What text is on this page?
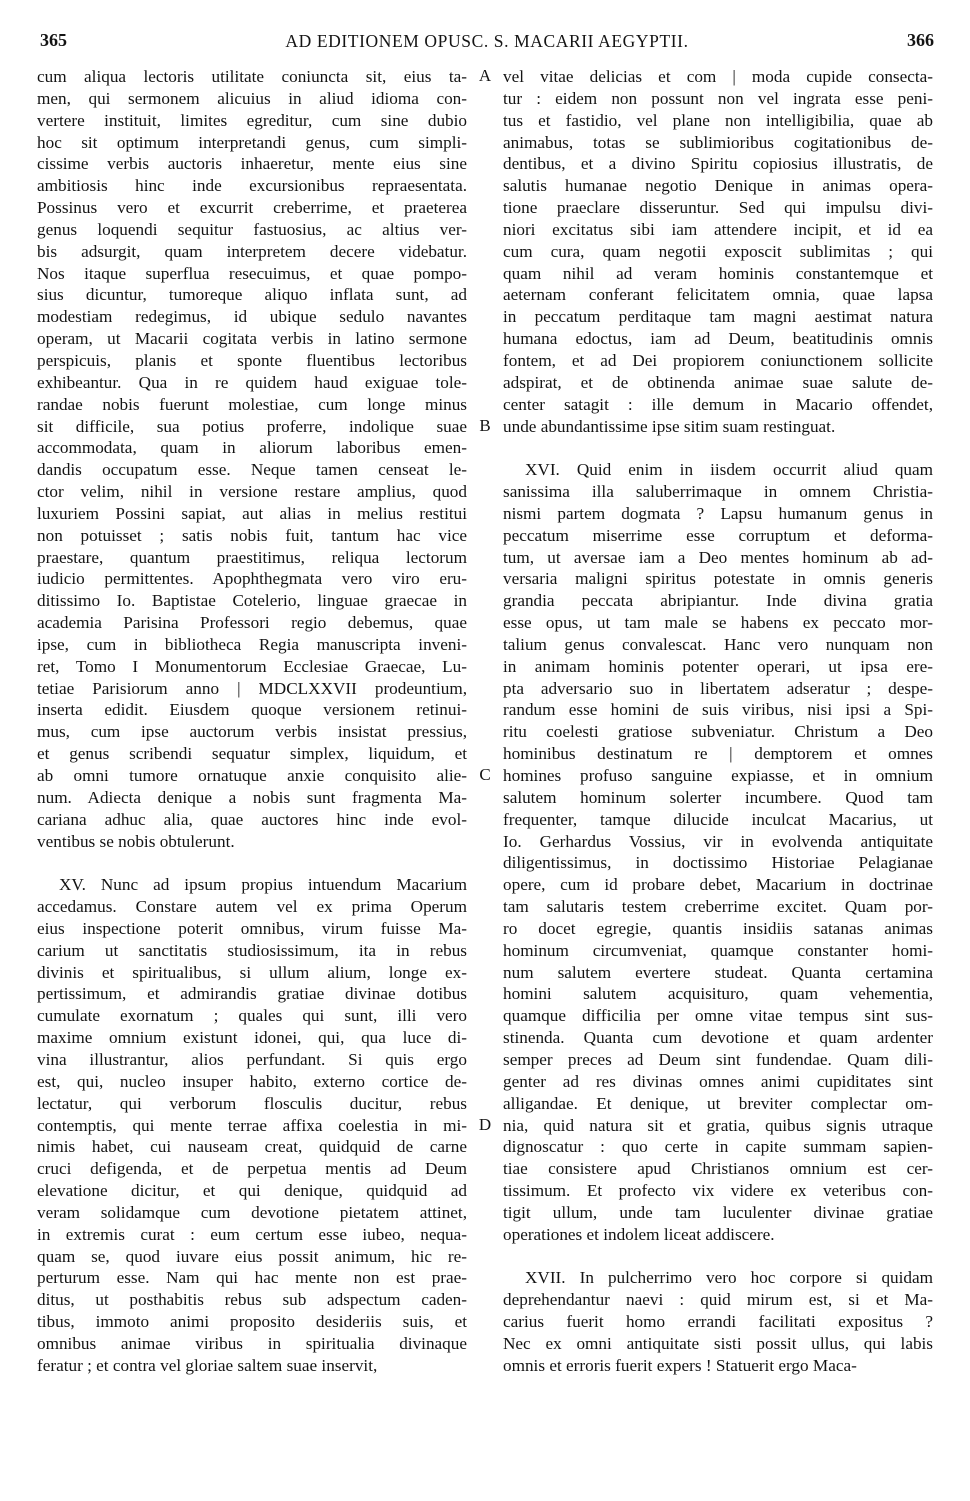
365	AD EDITIONEM OPUSC. S. MACARII AEGYPTII.	366
cum aliqua lectoris utilitate coniuncta sit, eius ta-
men, qui sermonem alicuius in aliud idioma con-
vertere instituit, limites egreditur, cum sine dubio
hoc sit optimum interpretandi genus, cum simpli-
cissime verbis auctoris inhaeretur, mente eius sine
ambitiosis hinc inde excursionibus repraesentata.
Possinus vero et excurrit creberrime, et praeterea
genus loquendi sequitur fastuosius, ac altius ver-
bis adsurgit, quam interpretem decere videbatur.
Nos itaque superflua resecuimus, et quae pompo-
sius dicuntur, tumoreque aliquo inflata sunt, ad
modestiam redegimus, id ubique sedulo navantes
operam, ut Macarii cogitata verbis in latino sermone
perspicuis, planis et sponte fluentibus lectoribus
exhibeantur. Qua in re quidem haud exiguae tole-
randae nobis fuerunt molestiae, cum longe minus
sit difficile, sua potius proferre, indolique suae
accommodata, quam in aliorum laboribus emen-
dandis occupatum esse. Neque tamen censeat le-
ctor velim, nihil in versione restare amplius, quod
luxuriem Possini sapiat, aut alias in melius restitui
non potuisset ; satis nobis fuit, tantum hac vice
praestare, quantum praestitimus, reliqua lectorum
iudicio permittentes. Apophthegmata vero viro eru-
ditissimo Io. Baptistae Cotelerio, linguae graecae in
academia Parisina Professori regio debemus, quae
ipse, cum in bibliotheca Regia manuscripta inveni-
ret, Tomo I Monumentorum Ecclesiae Graecae, Lu-
tetiae Parisiorum anno | MDCLXXVII prodeuntium,
inserta edidit. Eiusdem quoque versionem retinui-
mus, cum ipse auctorum verbis insistat pressius,
et genus scribendi sequatur simplex, liquidum, et
ab omni tumore ornatuque anxie conquisito alie-
num. Adiecta denique a nobis sunt fragmenta Ma-
cariana adhuc alia, quae auctores hinc inde evol-
ventibus se nobis obtulerunt.
XV. Nunc ad ipsum propius intuendum Macarium
accedamus. Constare autem vel ex prima Operum
eius inspectione poterit omnibus, virum fuisse Ma-
carium ut sanctitatis studiosissimum, ita in rebus
divinis et spiritualibus, si ullum alium, longe ex-
pertissimum, et admirandis gratiae divinae dotibus
cumulate exornatum ; quales qui sunt, illi vero
maxime omnium existunt idonei, qui, qua luce di-
vina illustrantur, alios perfundant. Si quis ergo
est, qui, nucleo insuper habito, externo cortice de-
lectatur, qui verborum flosculis ducitur, rebus
contemptis, qui mente terrae affixa coelestia in mi-
nimis habet, cui nauseam creat, quidquid de carne
cruci defigenda, et de perpetua mentis ad Deum
elevatione dicitur, et qui denique, quidquid ad
veram solidamque cum devotione pietatem attinet,
in extremis curat : eum certum esse iubeo, nequa-
quam se, quod iuvare eius possit animum, hic re-
perturum esse. Nam qui hac mente non est prae-
ditus, ut posthabitis rebus sub adspectum caden-
tibus, immoto animi proposito desideriis suis, et
omnibus animae viribus in spiritualia divinaque
feratur ; et contra vel gloriae saltem suae inservit,
A
B
C
D
vel vitae delicias et com | moda cupide consecta-
tur : eidem non possunt non vel ingrata esse peni-
tus et fastidio, vel plane non intelligibilia, quae ab
animabus, totas se sublimioribus cogitationibus de-
dentibus, et a divino Spiritu copiosius illustratis, de
salutis humanae negotio Denique in animas opera-
tione praeclare disseruntur. Sed qui impulsu divi-
niori excitatus sibi iam attendere incipit, et id ea
cum cura, quam negotii exposcit sublimitas ; qui
quam nihil ad veram hominis constantemque et
aeternam conferant felicitatem omnia, quae lapsa
in peccatum perditaque tam magni aestimat natura
humana edoctus, iam ad Deum, beatitudinis omnis
fontem, et ad Dei propiorem coniunctionem sollicite
adspirat, et de obtinenda animae suae salute de-
center satagit : ille demum in Macario offendet,
unde abundantissime ipse sitim suam restinguat.
XVI. Quid enim in iisdem occurrit aliud quam
sanissima illa saluberrimaque in omnem Christia-
nismi partem dogmata ? Lapsu humanum genus in
peccatum miserrime esse corruptum et deforma-
tum, ut aversae iam a Deo mentes hominum ab ad-
versaria maligni spiritus potestate in omnis generis
grandia peccata abripiantur. Inde divina gratia
esse opus, ut tam male se habens ex peccato mor-
talium genus convalescat. Hanc vero nunquam non
in animam hominis potenter operari, ut ipsa ere-
pta adversario suo in libertatem adseratur ; despe-
randum esse homini de suis viribus, nisi ipsi a Spi-
ritu coelesti gratiose subveniatur. Christum a Deo
hominibus destinatum re | demptorem et omnes
homines profuso sanguine expiasse, et in omnium
salutem hominum solerter incumbere. Quod tam
frequenter, tamque dilucide inculcat Macarius, ut
Io. Gerhardus Vossius, vir in evolvenda antiquitate
diligentissimus, in doctissimo Historiae Pelagianae
opere, cum id probare debet, Macarium in doctrinae
tam salutaris testem creberrime excitet. Quam por-
ro docet egregie, quantis insidiis satanas animas
hominum circumveniat, quamque constanter homi-
num salutem evertere studeat. Quanta certamina
homini salutem acquisituro, quam vehementia,
quamque difficilia per omne vitae tempus sint sus-
stinenda. Quanta cum devotione et quam ardenter
semper preces ad Deum sint fundendae. Quam dili-
genter ad res divinas omnes animi cupiditates sint
alligandae. Et denique, ut breviter complectar om-
nia, quid natura sit et gratia, quibus signis utraque
dignoscatur : quo certe in capite summam sapien-
tiae consistere apud Christianos omnium est cer-
tissimum. Et profecto vix videre ex veteribus con-
tigit ullum, unde tam luculenter divinae gratiae
operationes et indolem liceat addiscere.
XVII. In pulcherrimo vero hoc corpore si quidam
deprehendantur naevi : quid mirum est, si et Ma-
carius fuerit homo errandi facilitati expositus ?
Nec ex omni antiquitate sisti possit ullus, qui labis
omnis et erroris fuerit expers ! Statuerit ergo Maca-
